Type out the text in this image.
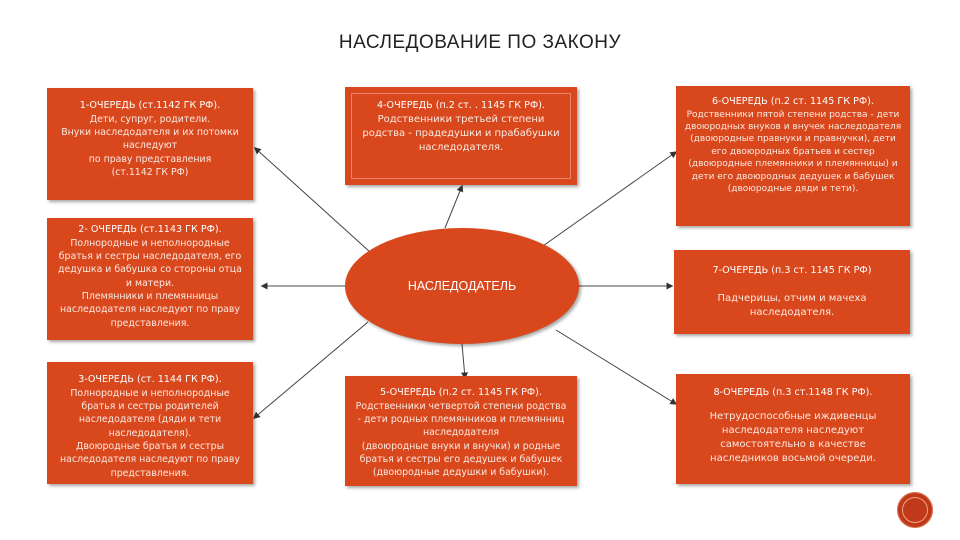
НАСЛЕДОВАНИЕ ПО ЗАКОНУ
1-ОЧЕРЕДЬ (ст.1142 ГК РФ).
Дети, супруг, родители.
Внуки наследодателя и их потомки наследуют
по праву представления
(ст.1142 ГК РФ)
2- ОЧЕРЕДЬ (ст.1143 ГК РФ).
Полнородные и неполнородные братья и сестры наследодателя, его дедушка и бабушка со стороны отца и матери.
Племянники и племянницы наследодателя наследуют по праву представления.
3-ОЧЕРЕДЬ (ст. 1144 ГК РФ).
Полнородные и неполнородные братья и сестры родителей наследодателя (дяди и тети наследодателя).
Двоюродные братья и сестры наследодателя наследуют по праву представления.
4-ОЧЕРЕДЬ (п.2 ст. . 1145 ГК РФ).
Родственники третьей степени родства - прадедушки и прабабушки наследодателя.
5-ОЧЕРЕДЬ (п.2 ст. 1145 ГК РФ).
Родственники четвертой степени родства - дети родных племянников и племянниц наследодателя
(двоюродные внуки и внучки) и родные братья и сестры его дедушек и бабушек (двоюродные дедушки и бабушки).
6-ОЧЕРЕДЬ (п.2 ст. 1145 ГК РФ).
Родственники пятой степени родства - дети двоюродных внуков и внучек наследодателя (двоюродные правнуки и правнучки), дети его двоюродных братьев и сестер (двоюродные племянники и племянницы) и дети его двоюродных дедушек и бабушек (двоюродные дяди и тети).
7-ОЧЕРЕДЬ (п.3 ст. 1145 ГК РФ)
Падчерицы, отчим и мачеха наследодателя.
8-ОЧЕРЕДЬ (п.3 ст.1148 ГК РФ).
Нетрудоспособные иждивенцы наследодателя наследуют самостоятельно в качестве наследников восьмой очереди.
НАСЛЕДОДАТЕЛЬ
